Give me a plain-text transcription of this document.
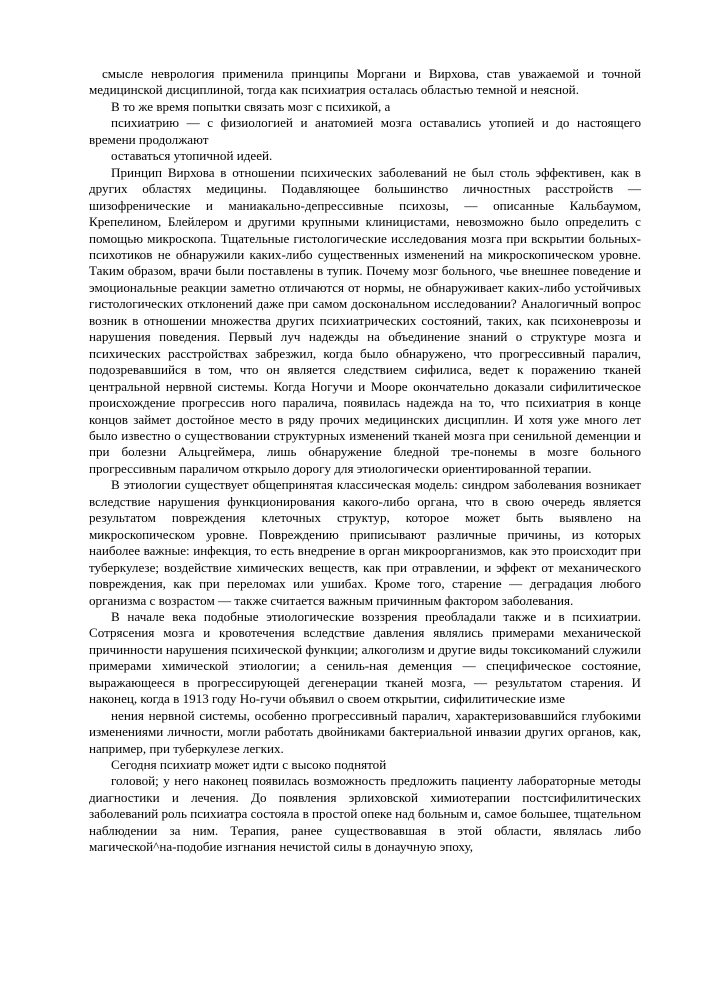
смысле неврология применила принципы Моргани и Вирхова, став уважаемой и точной медицинской дисциплиной, тогда как психиатрия осталась областью темной и неясной.

В то же время попытки связать мозг с психикой, а

психиатрию — с физиологией и анатомией мозга оставались утопией и до настоящего времени продолжают

оставаться утопичной идеей.

Принцип Вирхова в отношении психических заболеваний не был столь эффективен, как в других областях медицины. Подавляющее большинство личностных расстройств — шизофренические и маниакально-депрессивные психозы, — описанные Кальбаумом, Крепелином, Блейлером и другими крупными клиницистами, невозможно было определить с помощью микроскопа. Тщательные гистологические исследования мозга при вскрытии больных-психотиков не обнаружили каких-либо существенных изменений на микроскопическом уровне. Таким образом, врачи были поставлены в тупик. Почему мозг больного, чье внешнее поведение и эмоциональные реакции заметно отличаются от нормы, не обнаруживает каких-либо устойчивых гистологических отклонений даже при самом доскональном исследовании? Аналогичный вопрос возник в отношении множества других психиатрических состояний, таких, как психоневрозы и нарушения поведения. Первый луч надежды на объединение знаний о структуре мозга и психических расстройствах забрезжил, когда было обнаружено, что прогрессивный паралич, подозревавшийся в том, что он является следствием сифилиса, ведет к поражению тканей центральной нервной системы. Когда Ногучи и Мооре окончательно доказали сифилитическое происхождение прогрессив ного паралича, появилась надежда на то, что психиатрия в конце концов займет достойное место в ряду прочих медицинских дисциплин. И хотя уже много лет было известно о существовании структурных изменений тканей мозга при сенильной деменции и при болезни Альцгеймера, лишь обнаружение бледной тре-понемы в мозге больного прогрессивным параличом открыло дорогу для этиологически ориентированной терапии.

В этиологии существует общепринятая классическая модель: синдром заболевания возникает вследствие нарушения функционирования какого-либо органа, что в свою очередь является результатом повреждения клеточных структур, которое может быть выявлено на микроскопическом уровне. Повреждению приписывают различные причины, из которых наиболее важные: инфекция, то есть внедрение в орган микроорганизмов, как это происходит при туберкулезе; воздействие химических веществ, как при отравлении, и эффект от механического повреждения, как при переломах или ушибах. Кроме того, старение — деградация любого организма с возрастом — также считается важным причинным фактором заболевания.

В начале века подобные этиологические воззрения преобладали также и в психиатрии. Сотрясения мозга и кровотечения вследствие давления являлись примерами механической причинности нарушения психической функции; алкоголизм и другие виды токсикоманий служили примерами химической этиологии; а сениль-ная деменция — специфическое состояние, выражающееся в прогрессирующей дегенерации тканей мозга, — результатом старения. И наконец, когда в 1913 году Но-гучи объявил о своем открытии, сифилитические изме

нения нервной системы, особенно прогрессивный паралич, характеризовавшийся глубокими изменениями личности, могли работать двойниками бактериальной инвазии других органов, как, например, при туберкулезе легких.

Сегодня психиатр может идти с высоко поднятой

головой; у него наконец появилась возможность предложить пациенту лабораторные методы диагностики и лечения. До появления эрлиховской химиотерапии постсифилитических заболеваний роль психиатра состояла в простой опеке над больным и, самое большее, тщательном наблюдении за ним. Терапия, ранее существовавшая в этой области, являлась либо магической^на-подобие изгнания нечистой силы в донаучную эпоху,
